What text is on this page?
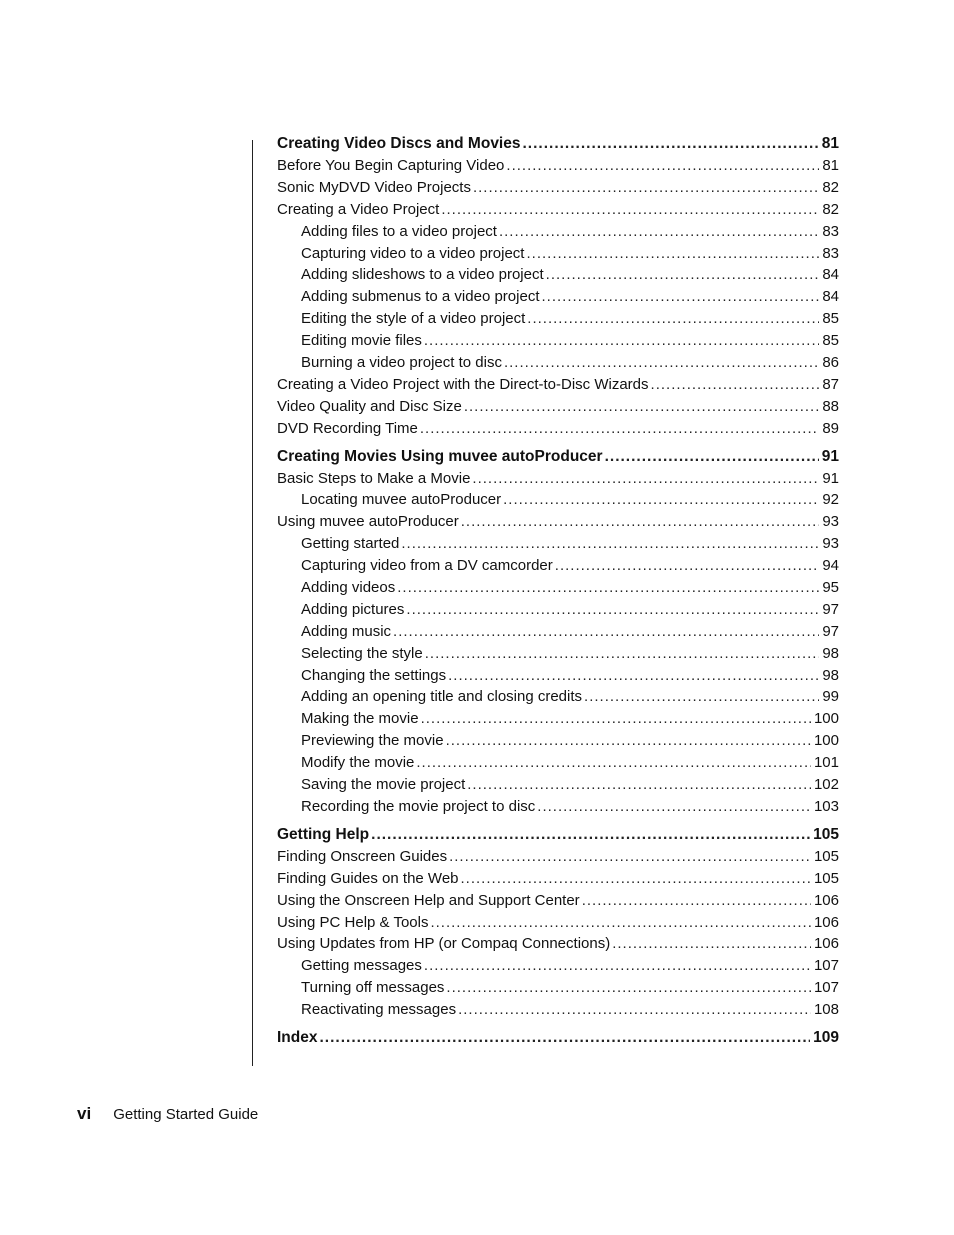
Creating Video Discs and Movies .....	81
Before You Begin Capturing Video .....	81
Sonic MyDVD Video Projects .....	82
Creating a Video Project .....	82
Adding files to a video project .....	83
Capturing video to a video project .....	83
Adding slideshows to a video project .....	84
Adding submenus to a video project .....	84
Editing the style of a video project .....	85
Editing movie files .....	85
Burning a video project to disc .....	86
Creating a Video Project with the Direct-to-Disc Wizards .....	87
Video Quality and Disc Size .....	88
DVD Recording Time .....	89
Creating Movies Using muvee autoProducer .....	91
Basic Steps to Make a Movie .....	91
Locating muvee autoProducer .....	92
Using muvee autoProducer .....	93
Getting started .....	93
Capturing video from a DV camcorder .....	94
Adding videos .....	95
Adding pictures .....	97
Adding music .....	97
Selecting the style .....	98
Changing the settings .....	98
Adding an opening title and closing credits .....	99
Making the movie .....	100
Previewing the movie .....	100
Modify the movie .....	101
Saving the movie project .....	102
Recording the movie project to disc .....	103
Getting Help .....	105
Finding Onscreen Guides .....	105
Finding Guides on the Web .....	105
Using the Onscreen Help and Support Center .....	106
Using PC Help & Tools .....	106
Using Updates from HP (or Compaq Connections) .....	106
Getting messages .....	107
Turning off messages .....	107
Reactivating messages .....	108
Index .....	109
vi Getting Started Guide
